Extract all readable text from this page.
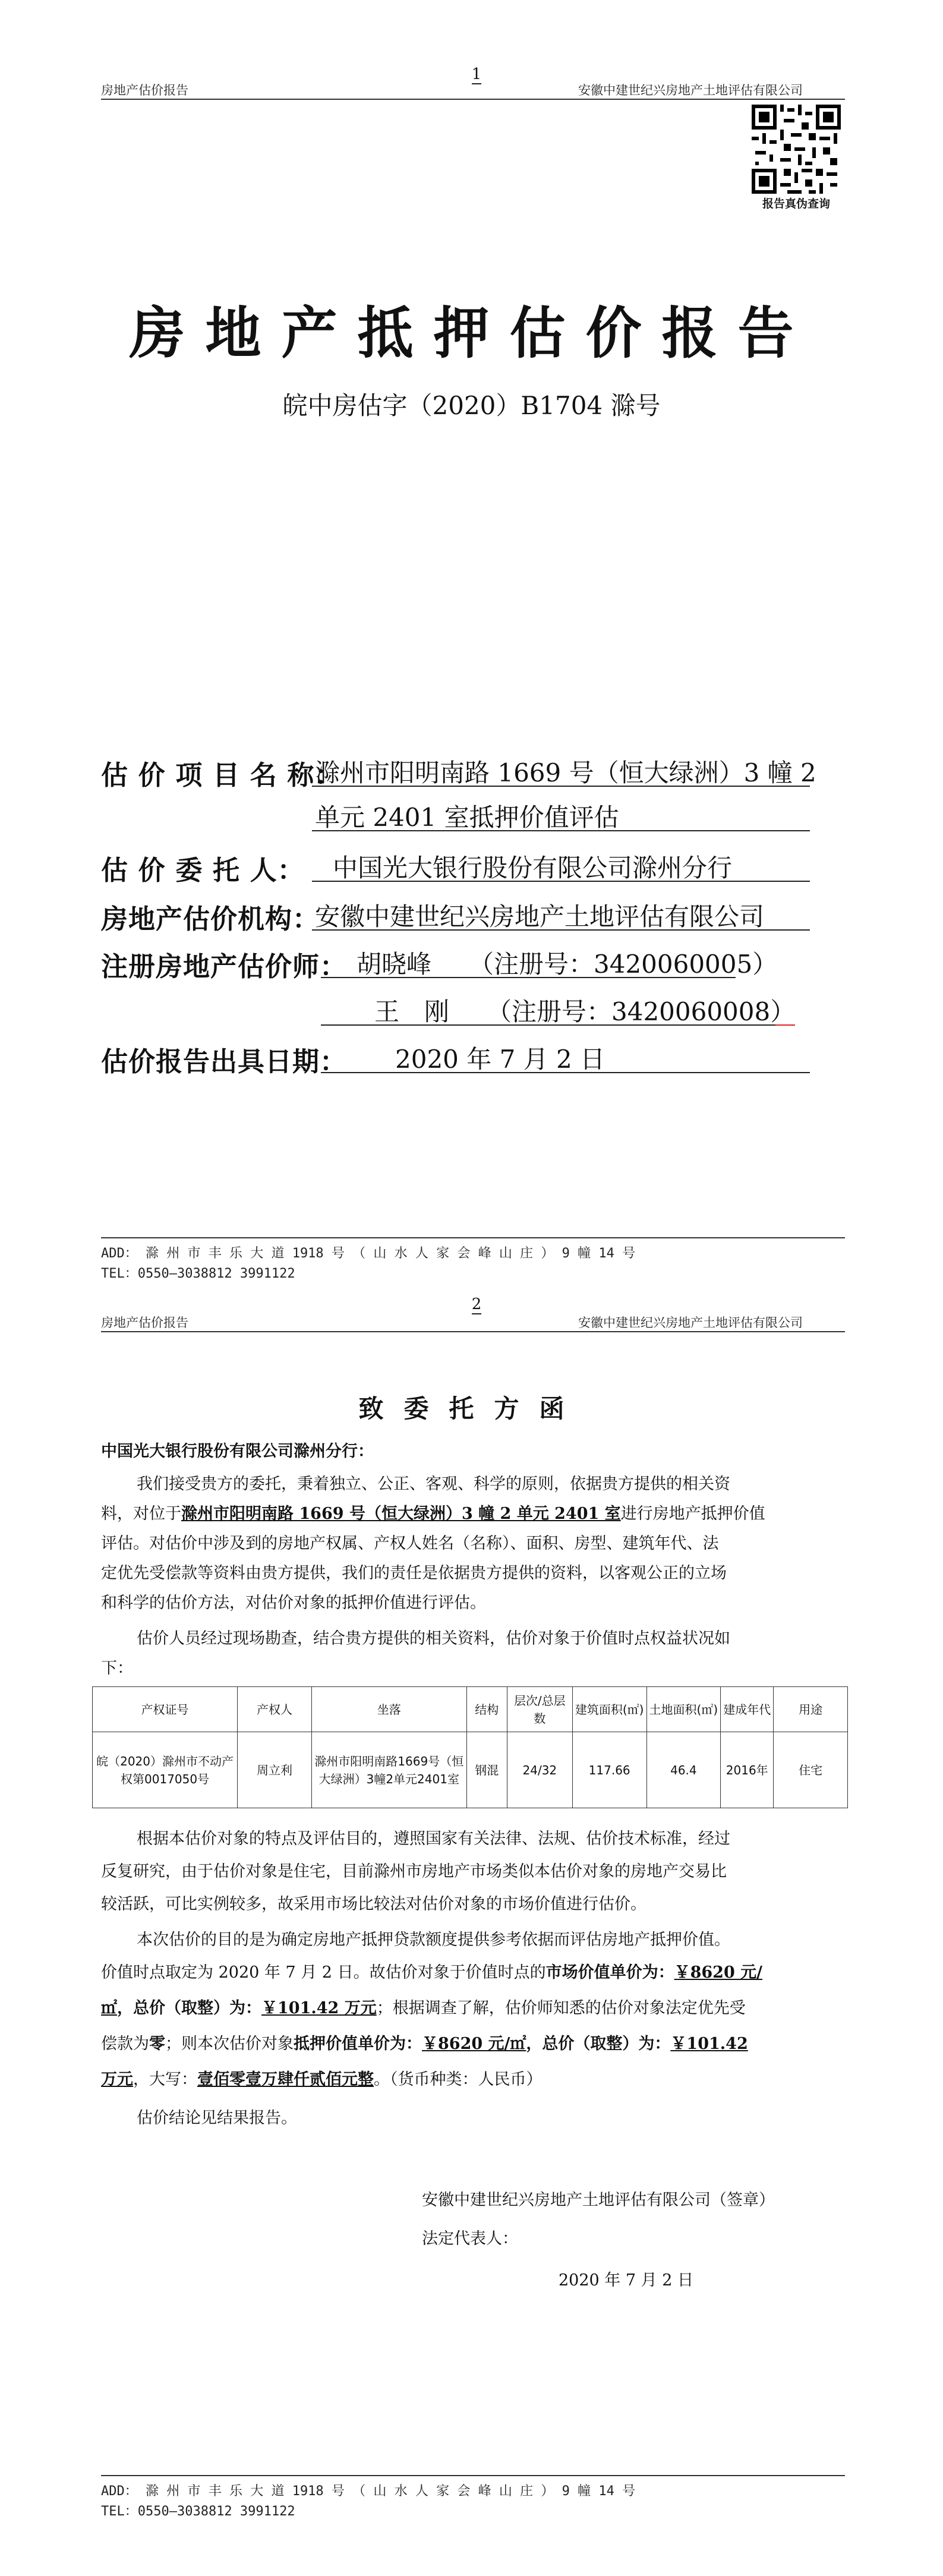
房地产估价报告
1
安徽中建世纪兴房地产土地评估有限公司
报告真伪查询
房地产抵押估价报告
皖中房估字（2020）B1704 滁号
估 价 项 目 名 称：
滁州市阳明南路 1669 号（恒大绿洲）3 幢 2
单元 2401 室抵押价值评估
估 价 委 托 人： 中国光大银行股份有限公司滁州分行
房地产估价机构：
安徽中建世纪兴房地产土地评估有限公司
注册房地产估价师： 胡晓峰　　（注册号：3420060005）
王　刚　　（注册号：3420060008）
估价报告出具日期： 2020 年 7 月 2 日
ADD： 滁 州 市 丰 乐 大 道 1918 号 （ 山 水 人 家 会 峰 山 庄 ） 9 幢 14 号
TEL：0550—3038812 3991122
房地产估价报告
2
安徽中建世纪兴房地产土地评估有限公司
致委托方函
中国光大银行股份有限公司滁州分行：
我们接受贵方的委托，秉着独立、公正、客观、科学的原则，依据贵方提供的相关资
料，对位于滁州市阳明南路 1669 号（恒大绿洲）3 幢 2 单元 2401 室进行房地产抵押价值
评估。对估价中涉及到的房地产权属、产权人姓名（名称）、面积、房型、建筑年代、法
定优先受偿款等资料由贵方提供，我们的责任是依据贵方提供的资料，以客观公正的立场
和科学的估价方法，对估价对象的抵押价值进行评估。
估价人员经过现场勘查，结合贵方提供的相关资料，估价对象于价值时点权益状况如
下：
产权证号	产权人	坐落	结构	层次/总层数	建筑面积(㎡)	土地面积(㎡)	建成年代	用途
皖（2020）滁州市不动产权第0017050号	周立利	滁州市阳明南路1669号（恒大绿洲）3幢2单元2401室	钢混	24/32	117.66	46.4	2016年	住宅
根据本估价对象的特点及评估目的，遵照国家有关法律、法规、估价技术标准，经过
反复研究，由于估价对象是住宅，目前滁州市房地产市场类似本估价对象的房地产交易比
较活跃，可比实例较多，故采用市场比较法对估价对象的市场价值进行估价。
本次估价的目的是为确定房地产抵押贷款额度提供参考依据而评估房地产抵押价值。
价值时点取定为 2020 年 7 月 2 日。故估价对象于价值时点的市场价值单价为：￥8620 元/
㎡，总价（取整）为：￥101.42 万元；根据调查了解，估价师知悉的估价对象法定优先受
偿款为零；则本次估价对象抵押价值单价为：￥8620 元/㎡，总价（取整）为：￥101.42
万元，大写：壹佰零壹万肆仟贰佰元整。（货币种类：人民币）
估价结论见结果报告。
安徽中建世纪兴房地产土地评估有限公司（签章）
法定代表人：
2020 年 7 月 2 日
ADD： 滁 州 市 丰 乐 大 道 1918 号 （ 山 水 人 家 会 峰 山 庄 ） 9 幢 14 号
TEL：0550—3038812 3991122
